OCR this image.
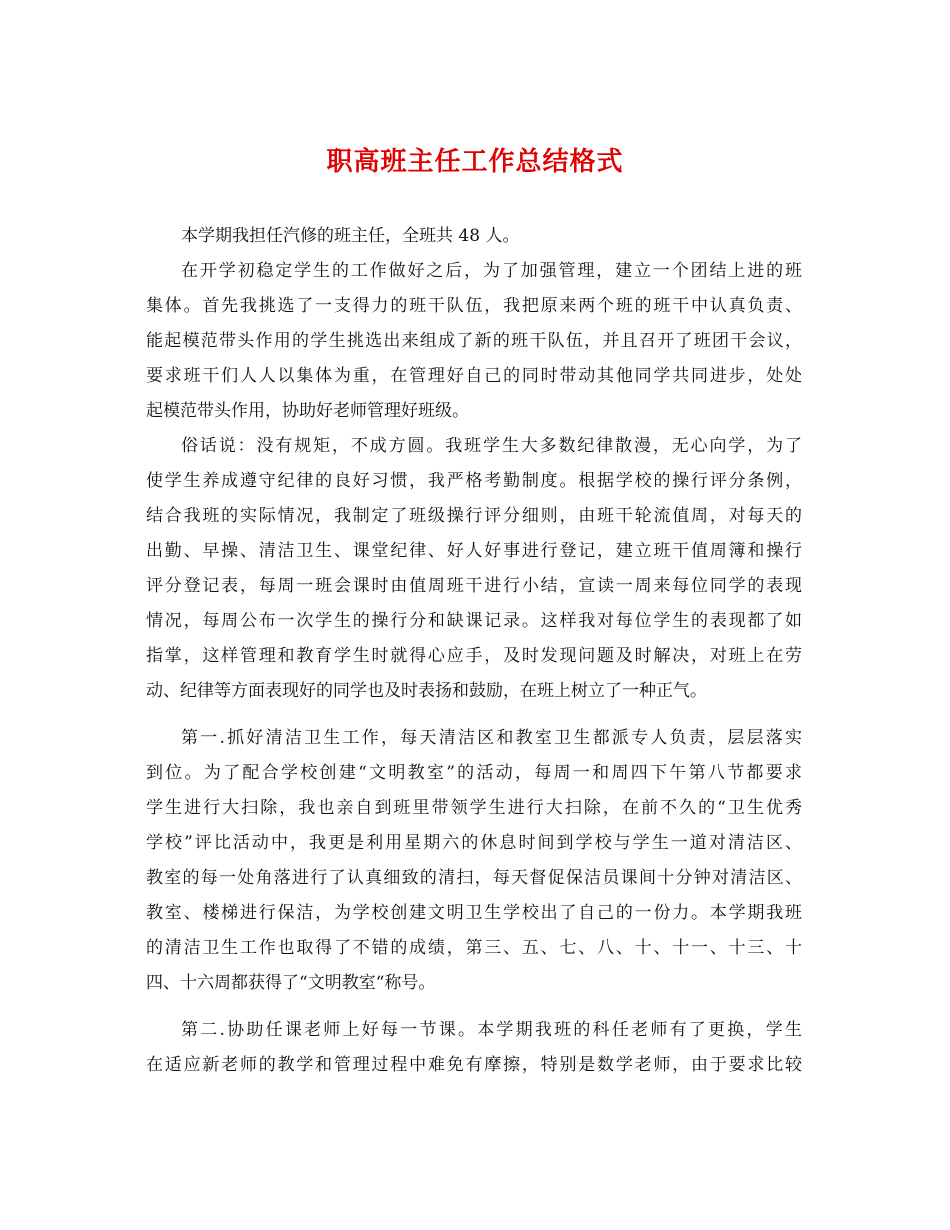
职高班主任工作总结格式
本学期我担任汽修的班主任，全班共 48 人。
在开学初稳定学生的工作做好之后，为了加强管理，建立一个团结上进的班
集体。首先我挑选了一支得力的班干队伍，我把原来两个班的班干中认真负责、
能起模范带头作用的学生挑选出来组成了新的班干队伍，并且召开了班团干会议，
要求班干们人人以集体为重，在管理好自己的同时带动其他同学共同进步，处处
起模范带头作用，协助好老师管理好班级。
俗话说：没有规矩，不成方圆。我班学生大多数纪律散漫，无心向学，为了
使学生养成遵守纪律的良好习惯，我严格考勤制度。根据学校的操行评分条例，
结合我班的实际情况，我制定了班级操行评分细则，由班干轮流值周，对每天的
出勤、早操、清洁卫生、课堂纪律、好人好事进行登记，建立班干值周簿和操行
评分登记表，每周一班会课时由值周班干进行小结，宣读一周来每位同学的表现
情况，每周公布一次学生的操行分和缺课记录。这样我对每位学生的表现都了如
指掌，这样管理和教育学生时就得心应手，及时发现问题及时解决，对班上在劳
动、纪律等方面表现好的同学也及时表扬和鼓励，在班上树立了一种正气。
第一.抓好清洁卫生工作，每天清洁区和教室卫生都派专人负责，层层落实
到位。为了配合学校创建“文明教室”的活动，每周一和周四下午第八节都要求
学生进行大扫除，我也亲自到班里带领学生进行大扫除，在前不久的“卫生优秀
学校”评比活动中，我更是利用星期六的休息时间到学校与学生一道对清洁区、
教室的每一处角落进行了认真细致的清扫，每天督促保洁员课间十分钟对清洁区、
教室、楼梯进行保洁，为学校创建文明卫生学校出了自己的一份力。本学期我班
的清洁卫生工作也取得了不错的成绩，第三、五、七、八、十、十一、十三、十
四、十六周都获得了“文明教室“称号。
第二.协助任课老师上好每一节课。本学期我班的科任老师有了更换，学生
在适应新老师的教学和管理过程中难免有摩擦，特别是数学老师，由于要求比较
